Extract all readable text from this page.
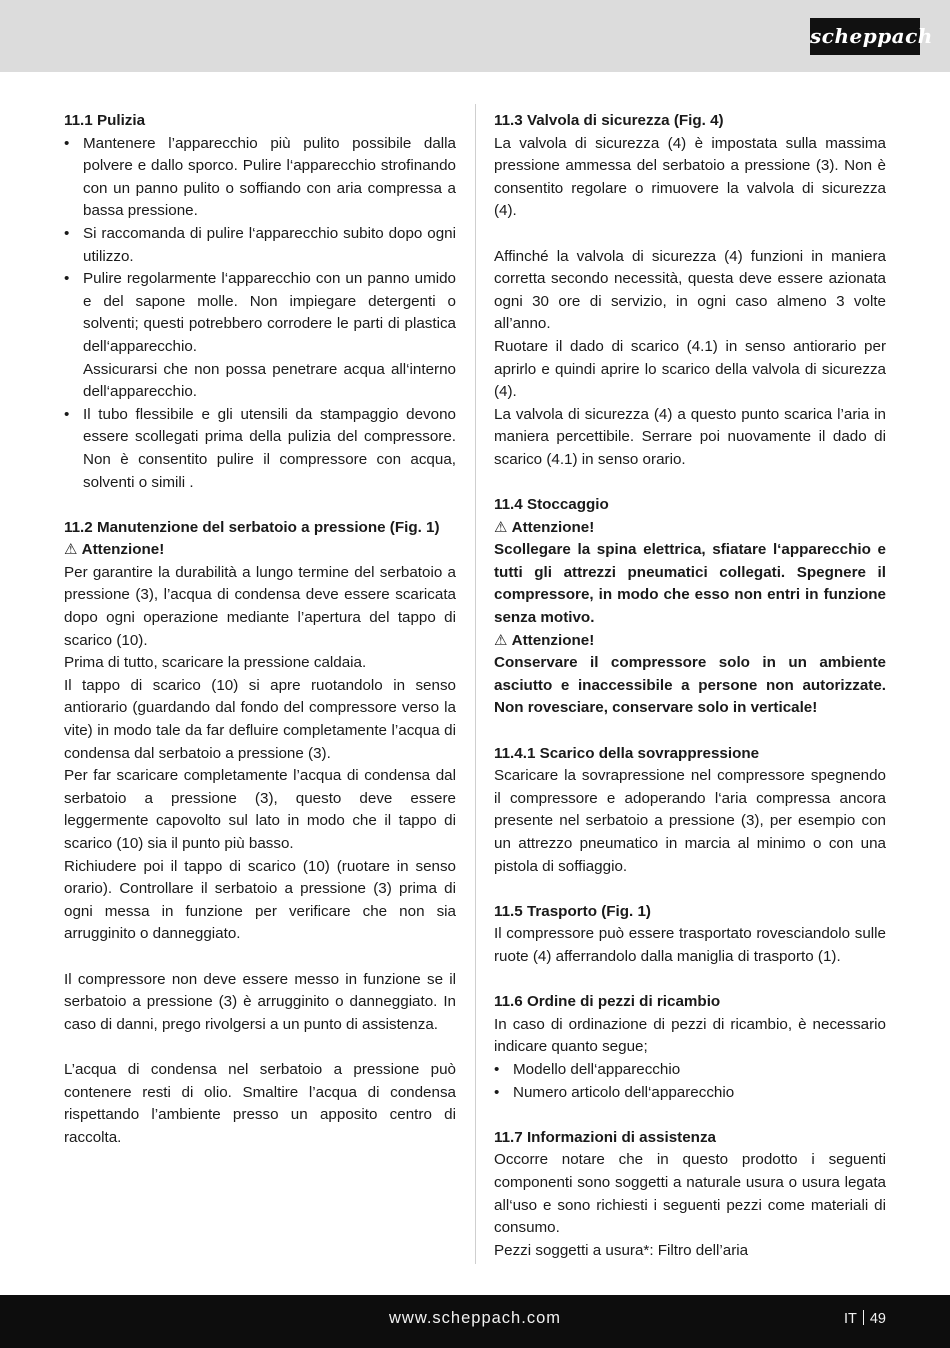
scheppach

11.1 Pulizia

• Mantenere l’apparecchio più pulito possibile dalla polvere e dallo sporco. Pulire l‘apparecchio strofinando con un panno pulito o soffiando con aria compressa a bassa pressione.
• Si raccomanda di pulire l‘apparecchio subito dopo ogni utilizzo.
• Pulire regolarmente l‘apparecchio con un panno umido e del sapone molle. Non impiegare detergenti o solventi; questi potrebbero corrodere le parti di plastica dell‘apparecchio.

Assicurarsi che non possa penetrare acqua all‘interno dell‘apparecchio.

• Il tubo flessibile e gli utensili da stampaggio devono essere scollegati prima della pulizia del compressore. Non è consentito pulire il compressore con acqua, solventi o simili .

11.2 Manutenzione del serbatoio a pressione (Fig. 1)

⚠ Attenzione!

Per garantire la durabilità a lungo termine del serbatoio a pressione (3), l’acqua di condensa deve essere scaricata dopo ogni operazione mediante l’apertura del tappo di scarico (10).

Prima di tutto, scaricare la pressione caldaia.

Il tappo di scarico (10) si apre ruotandolo in senso antiorario (guardando dal fondo del compressore verso la vite) in modo tale da far defluire completamente l’acqua di condensa dal serbatoio a pressione (3).

Per far scaricare completamente l’acqua di condensa dal serbatoio a pressione (3), questo deve essere leggermente capovolto sul lato in modo che il tappo di scarico (10) sia il punto più basso.

Richiudere poi il tappo di scarico (10) (ruotare in senso orario). Controllare il serbatoio a pressione (3) prima di ogni messa in funzione per verificare che non sia arrugginito o danneggiato.

Il compressore non deve essere messo in funzione se il serbatoio a pressione (3) è arrugginito o danneggiato. In caso di danni, prego rivolgersi a un punto di assistenza.

L’acqua di condensa nel serbatoio a pressione può contenere resti di olio. Smaltire l’acqua di condensa rispettando l’ambiente presso un apposito centro di raccolta.

11.3 Valvola di sicurezza (Fig. 4)

La valvola di sicurezza (4) è impostata sulla massima pressione ammessa del serbatoio a pressione (3). Non è consentito regolare o rimuovere la valvola di sicurezza (4).

Affinché la valvola di sicurezza (4) funzioni in maniera corretta secondo necessità, questa deve essere azionata ogni 30 ore di servizio, in ogni caso almeno 3 volte all’anno.

Ruotare il dado di scarico (4.1) in senso antiorario per aprirlo e quindi aprire lo scarico della valvola di sicurezza (4).

La valvola di sicurezza (4) a questo punto scarica l’aria in maniera percettibile. Serrare poi nuovamente il dado di scarico (4.1) in senso orario.

11.4 Stoccaggio

⚠ Attenzione!

Scollegare la spina elettrica, sfiatare l‘apparecchio e tutti gli attrezzi pneumatici collegati. Spegnere il compressore, in modo che esso non entri in funzione senza motivo.

⚠ Attenzione!

Conservare il compressore solo in un ambiente asciutto e inaccessibile a persone non autorizzate. Non rovesciare, conservare solo in verticale!

11.4.1 Scarico della sovrappressione

Scaricare la sovrapressione nel compressore spegnendo il compressore e adoperando l‘aria compressa ancora presente nel serbatoio a pressione (3), per esempio con un attrezzo pneumatico in marcia al minimo o con una pistola di soffiaggio.

11.5 Trasporto (Fig. 1)

Il compressore può essere trasportato rovesciandolo sulle ruote (4) afferrandolo dalla maniglia di trasporto (1).

11.6 Ordine di pezzi di ricambio

In caso di ordinazione di pezzi di ricambio, è necessario indicare quanto segue;

• Modello dell‘apparecchio
• Numero articolo dell‘apparecchio

11.7 Informazioni di assistenza

Occorre notare che in questo prodotto i seguenti componenti sono soggetti a naturale usura o usura legata all‘uso e sono richiesti i seguenti pezzi come materiali di consumo.

Pezzi soggetti a usura*: Filtro dell’aria

www.scheppach.com	IT 49
